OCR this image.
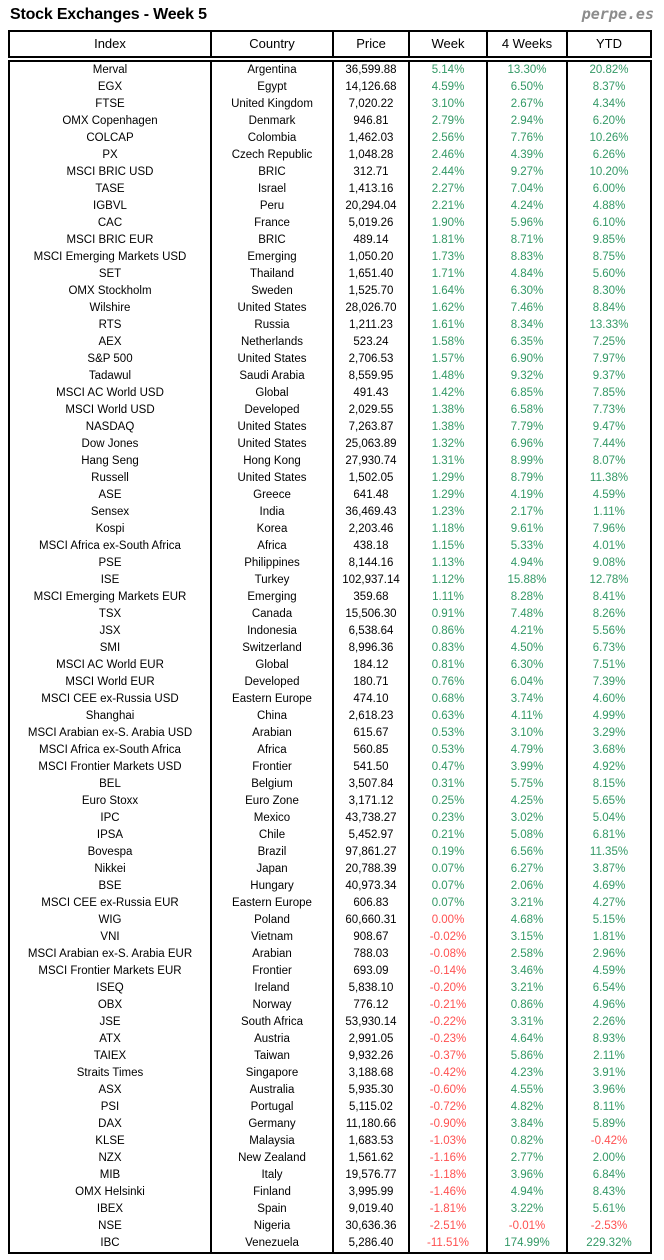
Stock Exchanges - Week 5	perpe.es
Index	Country	Price	Week	4 Weeks	YTD
Merval	Argentina	36,599.88	5.14%	13.30%	20.82%
EGX	Egypt	14,126.68	4.59%	6.50%	8.37%
FTSE	United Kingdom	7,020.22	3.10%	2.67%	4.34%
OMX Copenhagen	Denmark	946.81	2.79%	2.94%	6.20%
COLCAP	Colombia	1,462.03	2.56%	7.76%	10.26%
PX	Czech Republic	1,048.28	2.46%	4.39%	6.26%
MSCI BRIC USD	BRIC	312.71	2.44%	9.27%	10.20%
TASE	Israel	1,413.16	2.27%	7.04%	6.00%
IGBVL	Peru	20,294.04	2.21%	4.24%	4.88%
CAC	France	5,019.26	1.90%	5.96%	6.10%
MSCI BRIC EUR	BRIC	489.14	1.81%	8.71%	9.85%
MSCI Emerging Markets USD	Emerging	1,050.20	1.73%	8.83%	8.75%
SET	Thailand	1,651.40	1.71%	4.84%	5.60%
OMX Stockholm	Sweden	1,525.70	1.64%	6.30%	8.30%
Wilshire	United States	28,026.70	1.62%	7.46%	8.84%
RTS	Russia	1,211.23	1.61%	8.34%	13.33%
AEX	Netherlands	523.24	1.58%	6.35%	7.25%
S&P 500	United States	2,706.53	1.57%	6.90%	7.97%
Tadawul	Saudi Arabia	8,559.95	1.48%	9.32%	9.37%
MSCI AC World USD	Global	491.43	1.42%	6.85%	7.85%
MSCI World USD	Developed	2,029.55	1.38%	6.58%	7.73%
NASDAQ	United States	7,263.87	1.38%	7.79%	9.47%
Dow Jones	United States	25,063.89	1.32%	6.96%	7.44%
Hang Seng	Hong Kong	27,930.74	1.31%	8.99%	8.07%
Russell	United States	1,502.05	1.29%	8.79%	11.38%
ASE	Greece	641.48	1.29%	4.19%	4.59%
Sensex	India	36,469.43	1.23%	2.17%	1.11%
Kospi	Korea	2,203.46	1.18%	9.61%	7.96%
MSCI Africa ex-South Africa	Africa	438.18	1.15%	5.33%	4.01%
PSE	Philippines	8,144.16	1.13%	4.94%	9.08%
ISE	Turkey	102,937.14	1.12%	15.88%	12.78%
MSCI Emerging Markets EUR	Emerging	359.68	1.11%	8.28%	8.41%
TSX	Canada	15,506.30	0.91%	7.48%	8.26%
JSX	Indonesia	6,538.64	0.86%	4.21%	5.56%
SMI	Switzerland	8,996.36	0.83%	4.50%	6.73%
MSCI AC World EUR	Global	184.12	0.81%	6.30%	7.51%
MSCI World EUR	Developed	180.71	0.76%	6.04%	7.39%
MSCI CEE ex-Russia USD	Eastern Europe	474.10	0.68%	3.74%	4.60%
Shanghai	China	2,618.23	0.63%	4.11%	4.99%
MSCI Arabian ex-S. Arabia USD	Arabian	615.67	0.53%	3.10%	3.29%
MSCI Africa ex-South Africa	Africa	560.85	0.53%	4.79%	3.68%
MSCI Frontier Markets USD	Frontier	541.50	0.47%	3.99%	4.92%
BEL	Belgium	3,507.84	0.31%	5.75%	8.15%
Euro Stoxx	Euro Zone	3,171.12	0.25%	4.25%	5.65%
IPC	Mexico	43,738.27	0.23%	3.02%	5.04%
IPSA	Chile	5,452.97	0.21%	5.08%	6.81%
Bovespa	Brazil	97,861.27	0.19%	6.56%	11.35%
Nikkei	Japan	20,788.39	0.07%	6.27%	3.87%
BSE	Hungary	40,973.34	0.07%	2.06%	4.69%
MSCI CEE ex-Russia EUR	Eastern Europe	606.83	0.07%	3.21%	4.27%
WIG	Poland	60,660.31	0.00%	4.68%	5.15%
VNI	Vietnam	908.67	-0.02%	3.15%	1.81%
MSCI Arabian ex-S. Arabia EUR	Arabian	788.03	-0.08%	2.58%	2.96%
MSCI Frontier Markets EUR	Frontier	693.09	-0.14%	3.46%	4.59%
ISEQ	Ireland	5,838.10	-0.20%	3.21%	6.54%
OBX	Norway	776.12	-0.21%	0.86%	4.96%
JSE	South Africa	53,930.14	-0.22%	3.31%	2.26%
ATX	Austria	2,991.05	-0.23%	4.64%	8.93%
TAIEX	Taiwan	9,932.26	-0.37%	5.86%	2.11%
Straits Times	Singapore	3,188.68	-0.42%	4.23%	3.91%
ASX	Australia	5,935.30	-0.60%	4.55%	3.96%
PSI	Portugal	5,115.02	-0.72%	4.82%	8.11%
DAX	Germany	11,180.66	-0.90%	3.84%	5.89%
KLSE	Malaysia	1,683.53	-1.03%	0.82%	-0.42%
NZX	New Zealand	1,561.62	-1.16%	2.77%	2.00%
MIB	Italy	19,576.77	-1.18%	3.96%	6.84%
OMX Helsinki	Finland	3,995.99	-1.46%	4.94%	8.43%
IBEX	Spain	9,019.40	-1.81%	3.22%	5.61%
NSE	Nigeria	30,636.36	-2.51%	-0.01%	-2.53%
IBC	Venezuela	5,286.40	-11.51%	174.99%	229.32%
